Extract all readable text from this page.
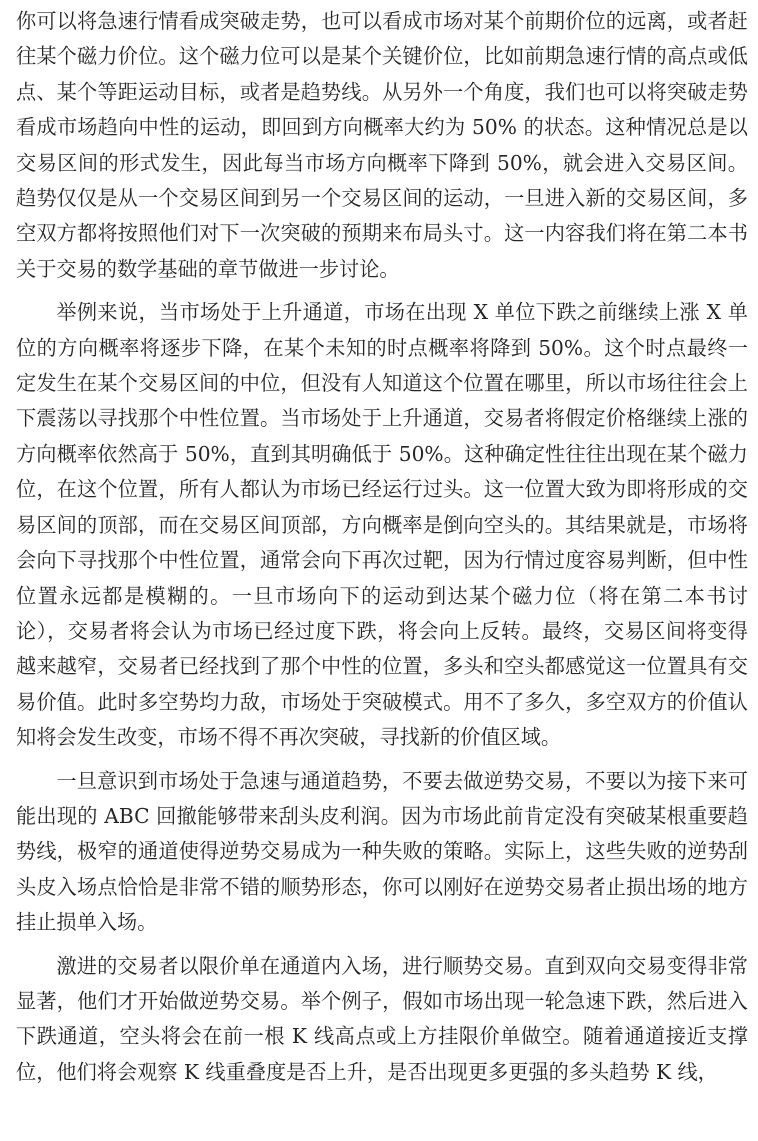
你可以将急速行情看成突破走势，也可以看成市场对某个前期价位的远离，或者赶往某个磁力价位。这个磁力位可以是某个关键价位，比如前期急速行情的高点或低点、某个等距运动目标，或者是趋势线。从另外一个角度，我们也可以将突破走势看成市场趋向中性的运动，即回到方向概率大约为 50% 的状态。这种情况总是以交易区间的形式发生，因此每当市场方向概率下降到 50%，就会进入交易区间。趋势仅仅是从一个交易区间到另一个交易区间的运动，一旦进入新的交易区间，多空双方都将按照他们对下一次突破的预期来布局头寸。这一内容我们将在第二本书关于交易的数学基础的章节做进一步讨论。

举例来说，当市场处于上升通道，市场在出现 X 单位下跌之前继续上涨 X 单位的方向概率将逐步下降，在某个未知的时点概率将降到 50%。这个时点最终一定发生在某个交易区间的中位，但没有人知道这个位置在哪里，所以市场往往会上下震荡以寻找那个中性位置。当市场处于上升通道，交易者将假定价格继续上涨的方向概率依然高于 50%，直到其明确低于 50%。这种确定性往往出现在某个磁力位，在这个位置，所有人都认为市场已经运行过头。这一位置大致为即将形成的交易区间的顶部，而在交易区间顶部，方向概率是倒向空头的。其结果就是，市场将会向下寻找那个中性位置，通常会向下再次过靶，因为行情过度容易判断，但中性位置永远都是模糊的。一旦市场向下的运动到达某个磁力位（将在第二本书讨论），交易者将会认为市场已经过度下跌，将会向上反转。最终，交易区间将变得越来越窄，交易者已经找到了那个中性的位置，多头和空头都感觉这一位置具有交易价值。此时多空势均力敌，市场处于突破模式。用不了多久，多空双方的价值认知将会发生改变，市场不得不再次突破，寻找新的价值区域。

一旦意识到市场处于急速与通道趋势，不要去做逆势交易，不要以为接下来可能出现的 ABC 回撤能够带来刮头皮利润。因为市场此前肯定没有突破某根重要趋势线，极窄的通道使得逆势交易成为一种失败的策略。实际上，这些失败的逆势刮头皮入场点恰恰是非常不错的顺势形态，你可以刚好在逆势交易者止损出场的地方挂止损单入场。

激进的交易者以限价单在通道内入场，进行顺势交易。直到双向交易变得非常显著，他们才开始做逆势交易。举个例子，假如市场出现一轮急速下跌，然后进入下跌通道，空头将会在前一根 K 线高点或上方挂限价单做空。随着通道接近支撑位，他们将会观察 K 线重叠度是否上升，是否出现更多更强的多头趋势 K 线，
